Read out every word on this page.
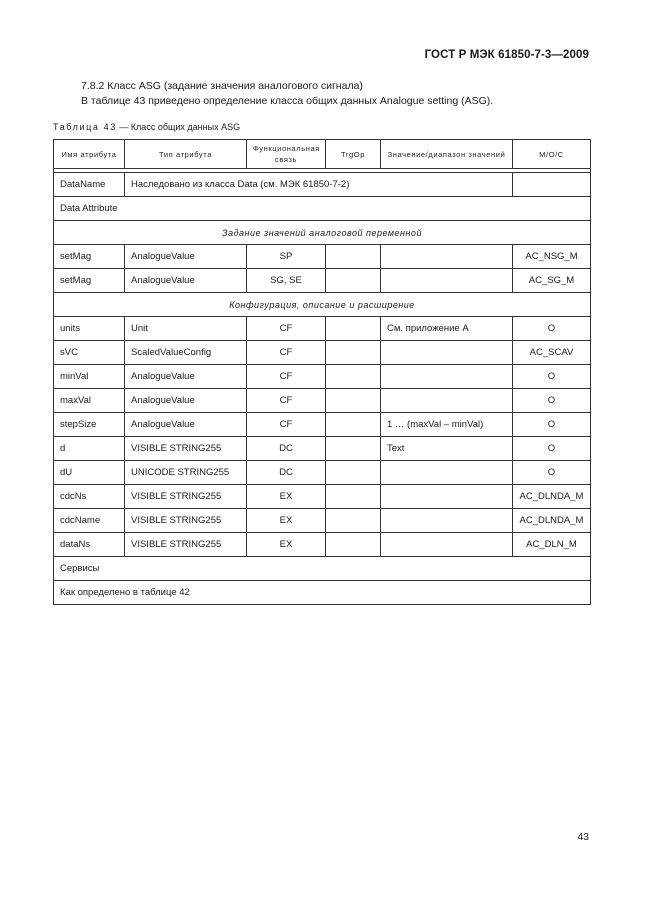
ГОСТ Р МЭК 61850-7-3—2009
7.8.2 Класс ASG (задание значения аналогового сигнала)
В таблице 43 приведено определение класса общих данных Analogue setting (ASG).
Таблица 43 — Класс общих данных ASG
Имя атрибута	Тип атрибута	Функциональная связь	TrgOp	Значение/диапазон значений	М/О/С

DataName	Наследовано из класса Data (см. МЭК 61850-7-2)				
Data Attribute					
Задание значений аналоговой переменной					
setMag	AnalogueValue	SP			AC_NSG_M
setMag	AnalogueValue	SG, SE			AC_SG_M
Конфигурация, описание и расширение					
units	Unit	CF		См. приложение А	O
sVC	ScaledValueConfig	CF			AC_SCAV
minVal	AnalogueValue	CF			O
maxVal	AnalogueValue	CF			O
stepSize	AnalogueValue	CF		1 … (maxVal – minVal)	O
d	VISIBLE STRING255	DC		Text	O
dU	UNICODE STRING255	DC			O
cdcNs	VISIBLE STRING255	EX			AC_DLNDA_M
cdcName	VISIBLE STRING255	EX			AC_DLNDA_M
dataNs	VISIBLE STRING255	EX			AC_DLN_M
Сервисы					
Как определено в таблице 42					
43
